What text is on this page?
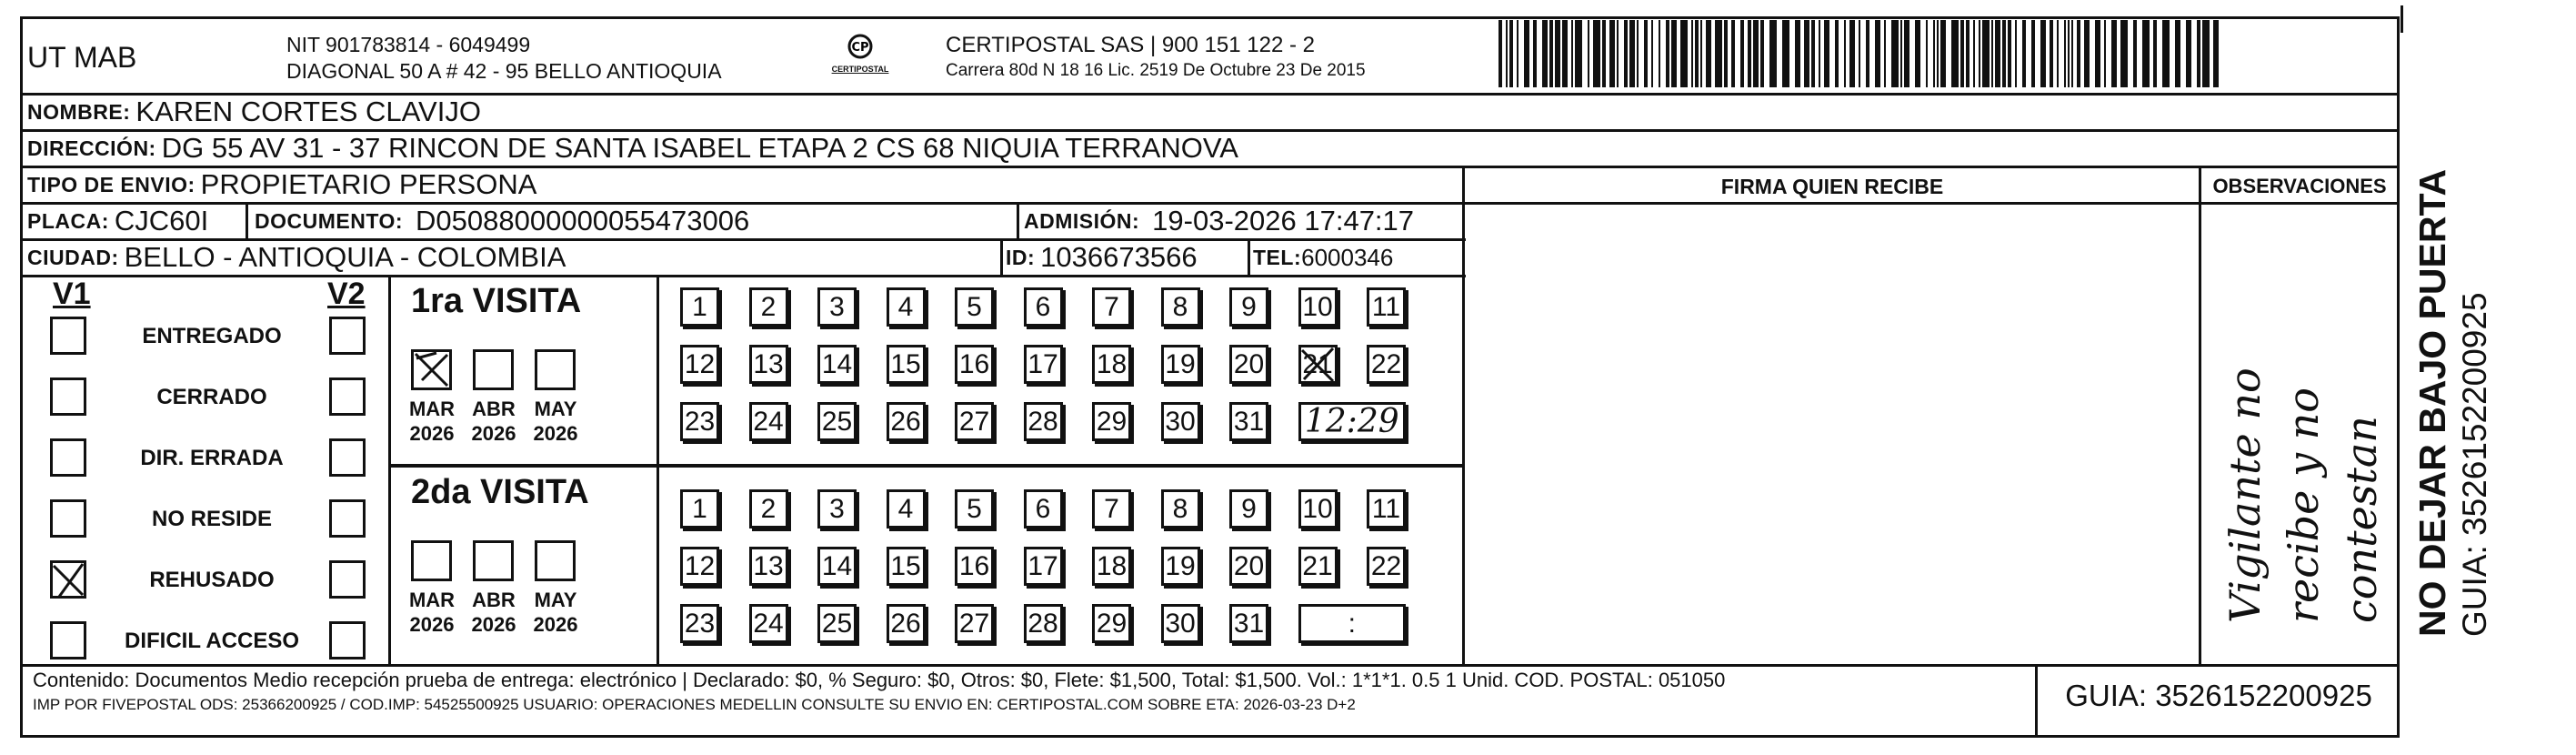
UT MAB	NIT 901783814 - 6049499
DIAGONAL 50 A # 42 - 95 BELLO ANTIOQUIA
CP
CERTIPOSTAL
CERTIPOSTAL SAS | 900 151 122 - 2
Carrera 80d N 18 16 Lic. 2519 De Octubre 23 De 2015
NOMBRE: KAREN CORTES CLAVIJO
DIRECCIÓN: DG 55 AV 31 - 37 RINCON DE SANTA ISABEL ETAPA 2 CS 68 NIQUIA TERRANOVA
TIPO DE ENVIO: PROPIETARIO PERSONA
PLACA: CJC60I DOCUMENTO: D05088000000055473006	ADMISIÓN: 19-03-2026 17:47:17
CIUDAD: BELLO - ANTIOQUIA - COLOMBIA	ID: 1036673566	TEL: 6000346
FIRMA QUIEN RECIBE	OBSERVACIONES
Vigilante no recibe y no contestan
V1	V2
ENTREGADO
CERRADO
DIR. ERRADA
NO RESIDE
REHUSADO
DIFICIL ACCESO
1ra VISITA
2da VISITA
MAR
2026
ABR
2026
MAY
2026
MAR
2026
ABR
2026
MAY
2026
1	2	3	4	5	6	7	8	9	10 11
12 13 14 15 16 17 18 19 20 21 22
23 24 25 26 27 28 29 30 31 12:29
1	2	3	4	5	6	7	8	9	10 11
12 13 14 15 16 17 18 19 20 21 22
23 24 25 26 27 28 29 30 31	:
Contenido: Documentos Medio recepción prueba de entrega: electrónico | Declarado: $0, % Seguro: $0, Otros: $0, Flete: $1,500, Total: $1,500. Vol.: 1*1*1. 0.5 1 Unid. COD. POSTAL: 051050
IMP POR FIVEPOSTAL ODS: 25366200925 / COD.IMP: 54525500925 USUARIO: OPERACIONES MEDELLIN CONSULTE SU ENVIO EN: CERTIPOSTAL.COM SOBRE ETA: 2026-03-23 D+2	GUIA: 3526152200925
NO DEJAR BAJO PUERTA GUIA: 3526152200925
